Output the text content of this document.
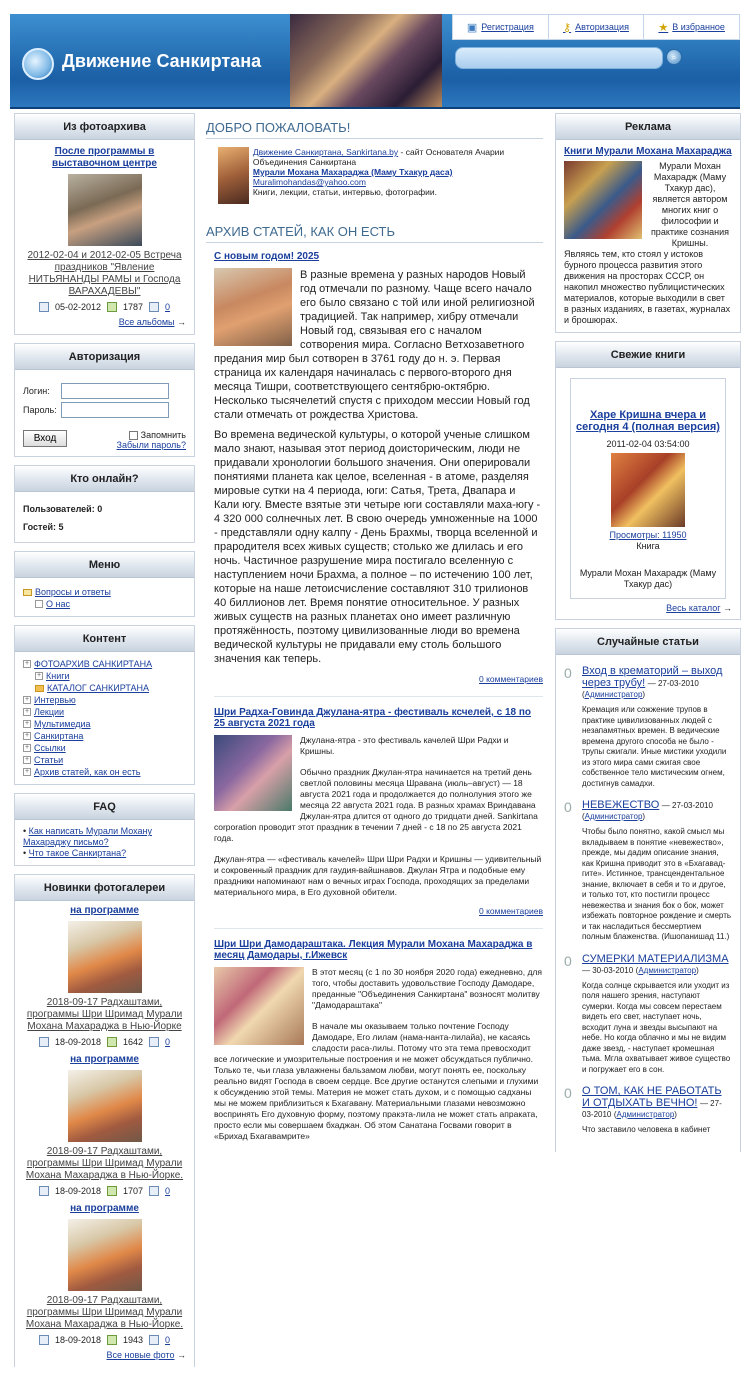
Движение Санкиртана
▣ Регистрация	⚷ Авторизация	★ В избранное
⌕
Из фотоархива
После программы в выставочном центре
2012-02-04 и 2012-02-05 Встреча праздников "Явление НИТЬЯНАНДЫ РАМЫ и Господа ВАРАХАДЕВЫ"
05-02-2012 1787 0
Все альбомы →
Авторизация
Логин:
Пароль:
Вход	Запомнить
Забыли пароль?
Кто онлайн?
Пользователей: 0
Гостей: 5
Меню
Вопросы и ответы
О нас
Контент
+ ФОТОАРХИВ САНКИРТАНА
+ Книги
КАТАЛОГ САНКИРТАНА
+ Интервью
+ Лекции
+ Мультимедиа
+ Санкиртана
+ Ссылки
+ Статьи
+ Архив статей, как он есть
FAQ
• Как написать Мурали Мохану Махараджу письмо?
• Что такое Санкиртана?
Новинки фотогалереи
на программе
2018-09-17 Радхаштами, программы Шри Шримад Мурали Мохана Махараджа в Нью-Йорке
18-09-2018 1642 0
на программе
2018-09-17 Радхаштами, программы Шри Шримад Мурали Мохана Махараджа в Нью-Йорке.
18-09-2018 1707 0
на программе
2018-09-17 Радхаштами, программы Шри Шримад Мурали Мохана Махараджа в Нью-Йорке.
18-09-2018 1943 0
Все новые фото →
ДОБРО ПОЖАЛОВАТЬ!
Движение Санкиртана, Sankirtana.by - сайт Основателя Ачарии Объединения Санкиртана
Мурали Мохана Махараджа (Маму Тхакур даса)
Muralimohandas@yahoo.com
Книги, лекции, статьи, интервью, фотографии.
АРХИВ СТАТЕЙ, КАК ОН ЕСТЬ
С новым годом! 2025

В разные времена у разных народов Новый год отмечали по разному. Чаще всего начало его было связано с той или иной религиозной традицией. Так например, хибру отмечали Новый год, связывая его с началом сотворения мира. Согласно Ветхозаветного предания мир был сотворен в 3761 году до н. э. Первая страница их календаря начиналась с первого-второго дня месяца Тишри, соответствующего сентябрю-октябрю. Несколько тысячелетий спустя с приходом мессии Новый год стали отмечать от рождества Христова.

Во времена ведической культуры, о которой ученые слишком мало знают, называя этот период доисторическим, люди не придавали хронологии большого значения. Они оперировали понятиями планета как целое, вселенная - в атоме, разделяя мировые сутки на 4 периода, юги: Сатья, Трета, Двапара и Кали югу. Вместе взятые эти четыре юги составляли маха-югу - 4 320 000 солнечных лет. В свою очередь умноженные на 1000 - представляли одну калпу - День Брахмы, творца вселенной и прародителя всех живых существ; столько же длилась и его ночь. Частичное разрушение мира постигало вселенную с наступлением ночи Брахма, а полное – по истечению 100 лет, которые на наше летоисчисление составляют 310 трилионов 40 биллионов лет. Время понятие относительное. У разных живых существ на разных планетах оно имеет различную протяжённость, поэтому цивилизованные люди во времена ведической культуры не придавали ему столь большого значения как теперь.

0 комментариев
Шри Радха-Говинда Джулана-ятра - фестиваль ксчелей, с 18 по 25 августа 2021 года

Джулана-ятра - это фестиваль качелей Шри Радхи и Кришны.

Обычно праздник Джулан-ятра начинается на третий день светлой половины месяца Шравана (июль–август) — 18 августа 2021 года и продолжается до полнолуния этого же месяца 22 августа 2021 года. В разных храмах Вриндавана Джулан-ятра длится от одного до тридцати дней. Sankirtana corporation проводит этот праздник в течении 7 дней - с 18 по 25 августа 2021 года.

Джулан-ятра — «фестиваль качелей» Шри Шри Радхи и Кришны — удивительный и сокровенный праздник для гаудия-вайшнавов. Джулан Ятра и подобные ему праздники напоминают нам о вечных играх Господа, проходящих за пределами материального мира, в Его духовной обители.

0 комментариев
Шри Шри Дамодараштака. Лекция Мурали Мохана Махараджа в месяц Дамодары, г.Ижевск

В этот месяц (с 1 по 30 ноября 2020 года) ежедневно, для того, чтобы доставить удовольствие Господу Дамодаре, преданные "Объединения Санкиртана" возносят молитву "Дамодараштака"

В начале мы оказываем только почтение Господу Дамодаре, Его лилам (нама-нанта-лилайа), не касаясь сладости раса-лилы. Потому что эта тема превосходит все логические и умозрительные построения и не может обсуждаться публично. Только те, чьи глаза увлажнены бальзамом любви, могут понять ее, поскольку реально видят Господа в своем сердце. Все другие останутся слепыми и глухими к обсуждению этой темы. Материя не может стать духом, и с помощью садханы мы не можем приблизиться к Бхагавану. Материальными глазами невозможно воспринять Его духовную форму, поэтому пракэта-лила не может стать апраката, просто если мы совершаем бхаджан. Об этом Санатана Госвами говорит в «Брихад Бхагавамрите»

Реклама
Книги Мурали Мохана Махараджа
Мурали Мохан Махарадж (Маму Тхакур дас), является автором многих книг о философии и практике сознания Кришны.
Являясь тем, кто стоял у истоков бурного процесса развития этого движения на просторах СССР, он накопил множество публицистических материалов, которые выходили в свет в разных изданиях, в газетах, журналах и брошюрах.
Свежие книги
Харе Кришна вчера и сегодня 4 (полная версия)
2011-02-04 03:54:00
Просмотры: 11950
Книга
Мурали Мохан Махарадж (Маму Тхакур дас)
Весь каталог →
Случайные статьи
0 Вход в крематорий – выход через трубу! — 27-03-2010 (Администратор)
Кремация или сожжение трупов в практике цивилизованных людей с незапамятных времен. В ведические времена другого способа не было - трупы сжигали. Иные мистики уходили из этого мира сами сжигая свое собственное тело мистическим огнем, достигнув самадхи.
0 НЕВЕЖЕСТВО — 27-03-2010 (Администратор)
Чтобы было понятно, какой смысл мы вкладываем в понятие «невежество», прежде, мы дадим описание знания, как Кришна приводит это в «Бхагавад-гите». Истинное, трансцендентальное знание, включает в себя и то и другое, и только тот, кто постигли процесс невежества и знания бок о бок, может избежать повторное рождение и смерть и так насладиться бессмертием полным блаженства. (Ишопанишад 11.)
0 СУМЕРКИ МАТЕРИАЛИЗМА — 30-03-2010 (Администратор)
Когда солнце скрывается или уходит из поля нашего зрения, наступают сумерки. Когда мы совсем перестаем видеть его свет, наступает ночь, всходит луна и звезды высыпают на небе. Но когда облачно и мы не видим даже звезд, - наступает кромешная тьма. Мгла охватывает живое существо и погружает его в сон.
0 О ТОМ, КАК НЕ РАБОТАТЬ И ОТДЫХАТЬ ВЕЧНО! — 27-03-2010 (Администратор)
Что заставило человека в кабинет
